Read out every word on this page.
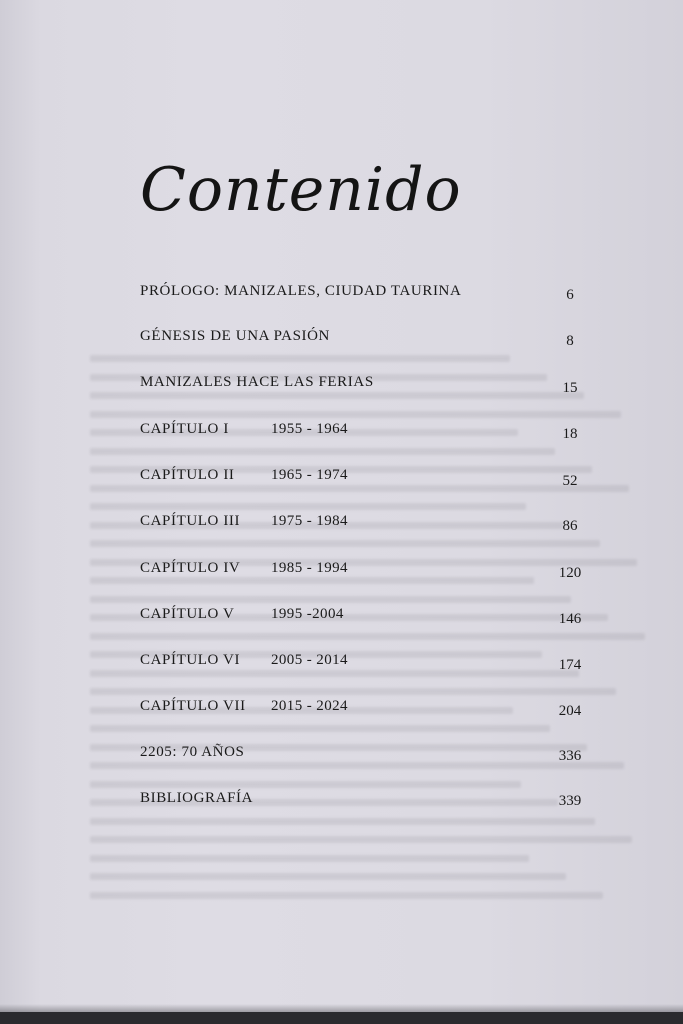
Contenido
PRÓLOGO: MANIZALES, CIUDAD TAURINA	6
GÉNESIS DE UNA PASIÓN	8
MANIZALES HACE LAS FERIAS	15
CAPÍTULO I	1955 - 1964	18
CAPÍTULO II 1965 - 1974	52
CAPÍTULO III 1975 - 1984	86
CAPÍTULO IV 1985 - 1994	120
CAPÍTULO V 1995 -2004	146
CAPÍTULO VI 2005 - 2014	174
CAPÍTULO VII 2015 - 2024	204
2205: 70 AÑOS	336
BIBLIOGRAFÍA	339
